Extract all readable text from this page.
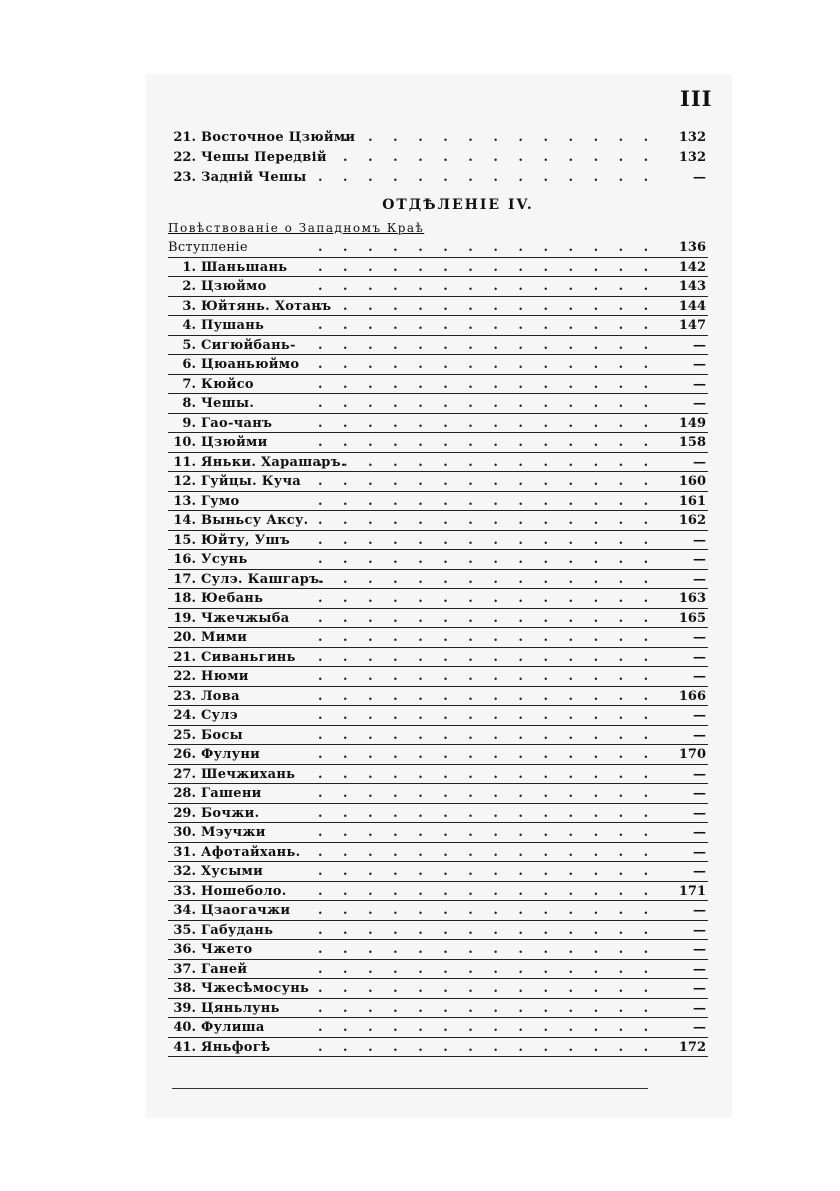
III
21. Восточное Цзюйми . . .	132
22. Чешы Передвій . . .	132
23. Задній Чешы . . .	—
ОТДѢЛЕНІЕ IV.
Повѣствованіе о Западномъ Краѣ
Вступленіе . . .	136
1. Шаньшань . . .	142
2. Цзюймо . . .	143
3. Юйтянь. Хотанъ . . .	144
4. Пушань . . .	147
5. Сигюйбань- . . .	—
6. Цюаньюймо . . .	—
7. Кюйсо . . .	—
8. Чешы. . . .	—
9. Гао-чанъ . . .	149
10. Цзюйми . . .	158
11. Яньки. Харашаръ. . . .	—
12. Гуйцы. Куча . . .	160
13. Гумо . . .	161
14. Выньсу Аксу. . . .	162
15. Юйту, Ушъ . . .	—
16. Усунь . . .	—
17. Сулэ. Кашгаръ. . . .	—
18. Юебань . . .	163
19. Чжечжыба . . .	165
20. Мими . . .	—
21. Сиваньгинь . . .	—
22. Нюми . . .	—
23. Лова . . .	166
24. Сулэ . . .	—
25. Босы . . .	—
26. Фулуни . . .	170
27. Шечжихань . . .	—
28. Гашени . . .	—
29. Бочжи. . . .	—
30. Мэучжи . . .	—
31. Афотайхань. . . .	—
32. Хусыми . . .	—
33. Ношеболо. . . .	171
34. Цзаогачжи . . .	—
35. Габудань . . .	—
36. Чжето . . .	—
37. Ганей . . .	—
38. Чжесѣмосунь . . .	—
39. Цяньлунь . . .	—
40. Фулиша . . .	—
41. Яньфогѣ . . .	172
